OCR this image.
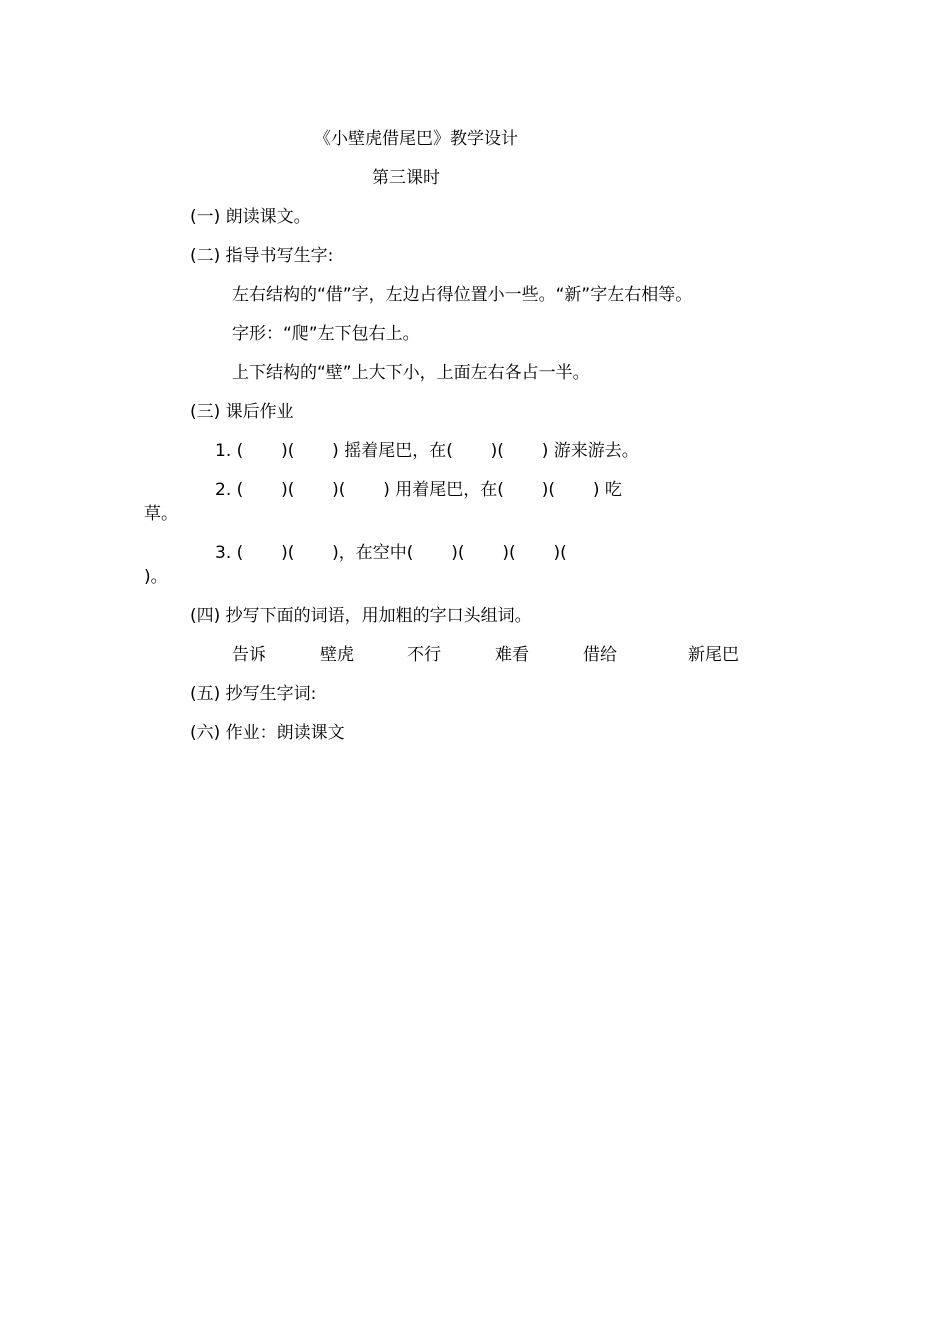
《小壁虎借尾巴》教学设计
第三课时
(一) 朗读课文。
(二) 指导书写生字:
左右结构的“借”字，左边占得位置小一些。“新”字左右相等。
字形：“爬”左下包右上。
上下结构的“壁”上大下小，上面左右各占一半。
(三) 课后作业
1. (       )(       ) 摇着尾巴，在(       )(       ) 游来游去。
2. (       )(       )(       ) 用着尾巴，在(       )(       ) 吃
草。
3. (       )(       )，在空中(       )(       )(       )(
)。
(四) 抄写下面的词语，用加粗的字口头组词。
告诉	壁虎	不行	难看	借给	新尾巴
(五) 抄写生字词:
(六) 作业：朗读课文
